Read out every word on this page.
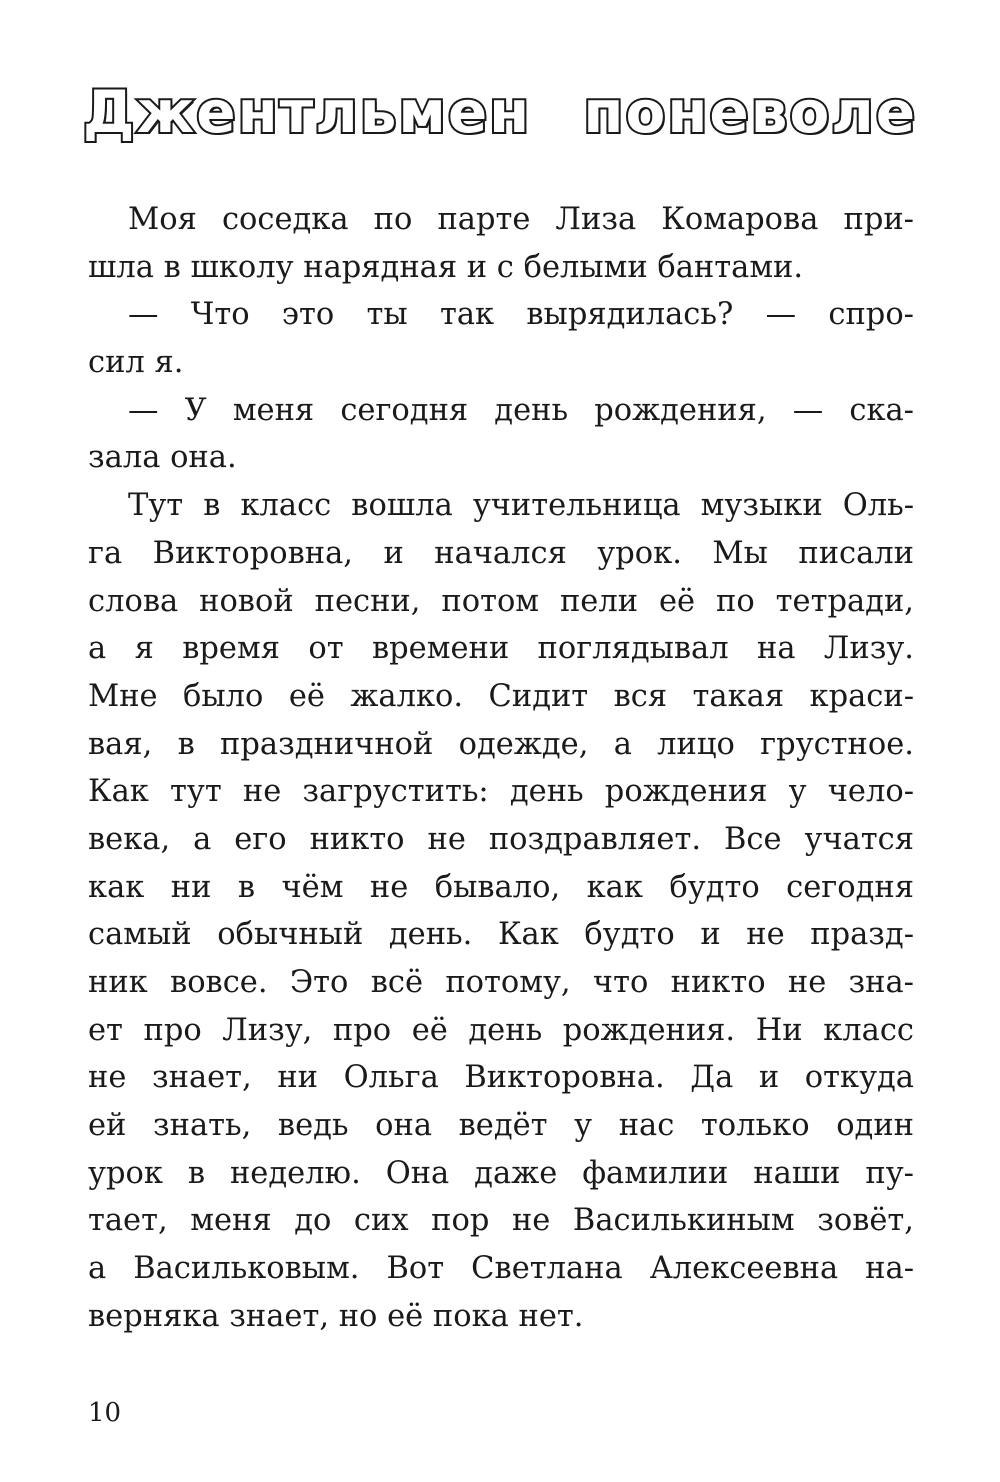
Джентльмен поневоле
Моя соседка по парте Лиза Комарова при-
шла в школу нарядная и с белыми бантами.
— Что это ты так вырядилась? — спро-
сил я.
— У меня сегодня день рождения, — ска-
зала она.
Тут в класс вошла учительница музыки Оль-
га Викторовна, и начался урок. Мы писали
слова новой песни, потом пели её по тетради,
а я время от времени поглядывал на Лизу.
Мне было её жалко. Сидит вся такая краси-
вая, в праздничной одежде, а лицо грустное.
Как тут не загрустить: день рождения у чело-
века, а его никто не поздравляет. Все учатся
как ни в чём не бывало, как будто сегодня
самый обычный день. Как будто и не празд-
ник вовсе. Это всё потому, что никто не зна-
ет про Лизу, про её день рождения. Ни класс
не знает, ни Ольга Викторовна. Да и откуда
ей знать, ведь она ведёт у нас только один
урок в неделю. Она даже фамилии наши пу-
тает, меня до сих пор не Василькиным зовёт,
а Васильковым. Вот Светлана Алексеевна на-
верняка знает, но её пока нет.
10
